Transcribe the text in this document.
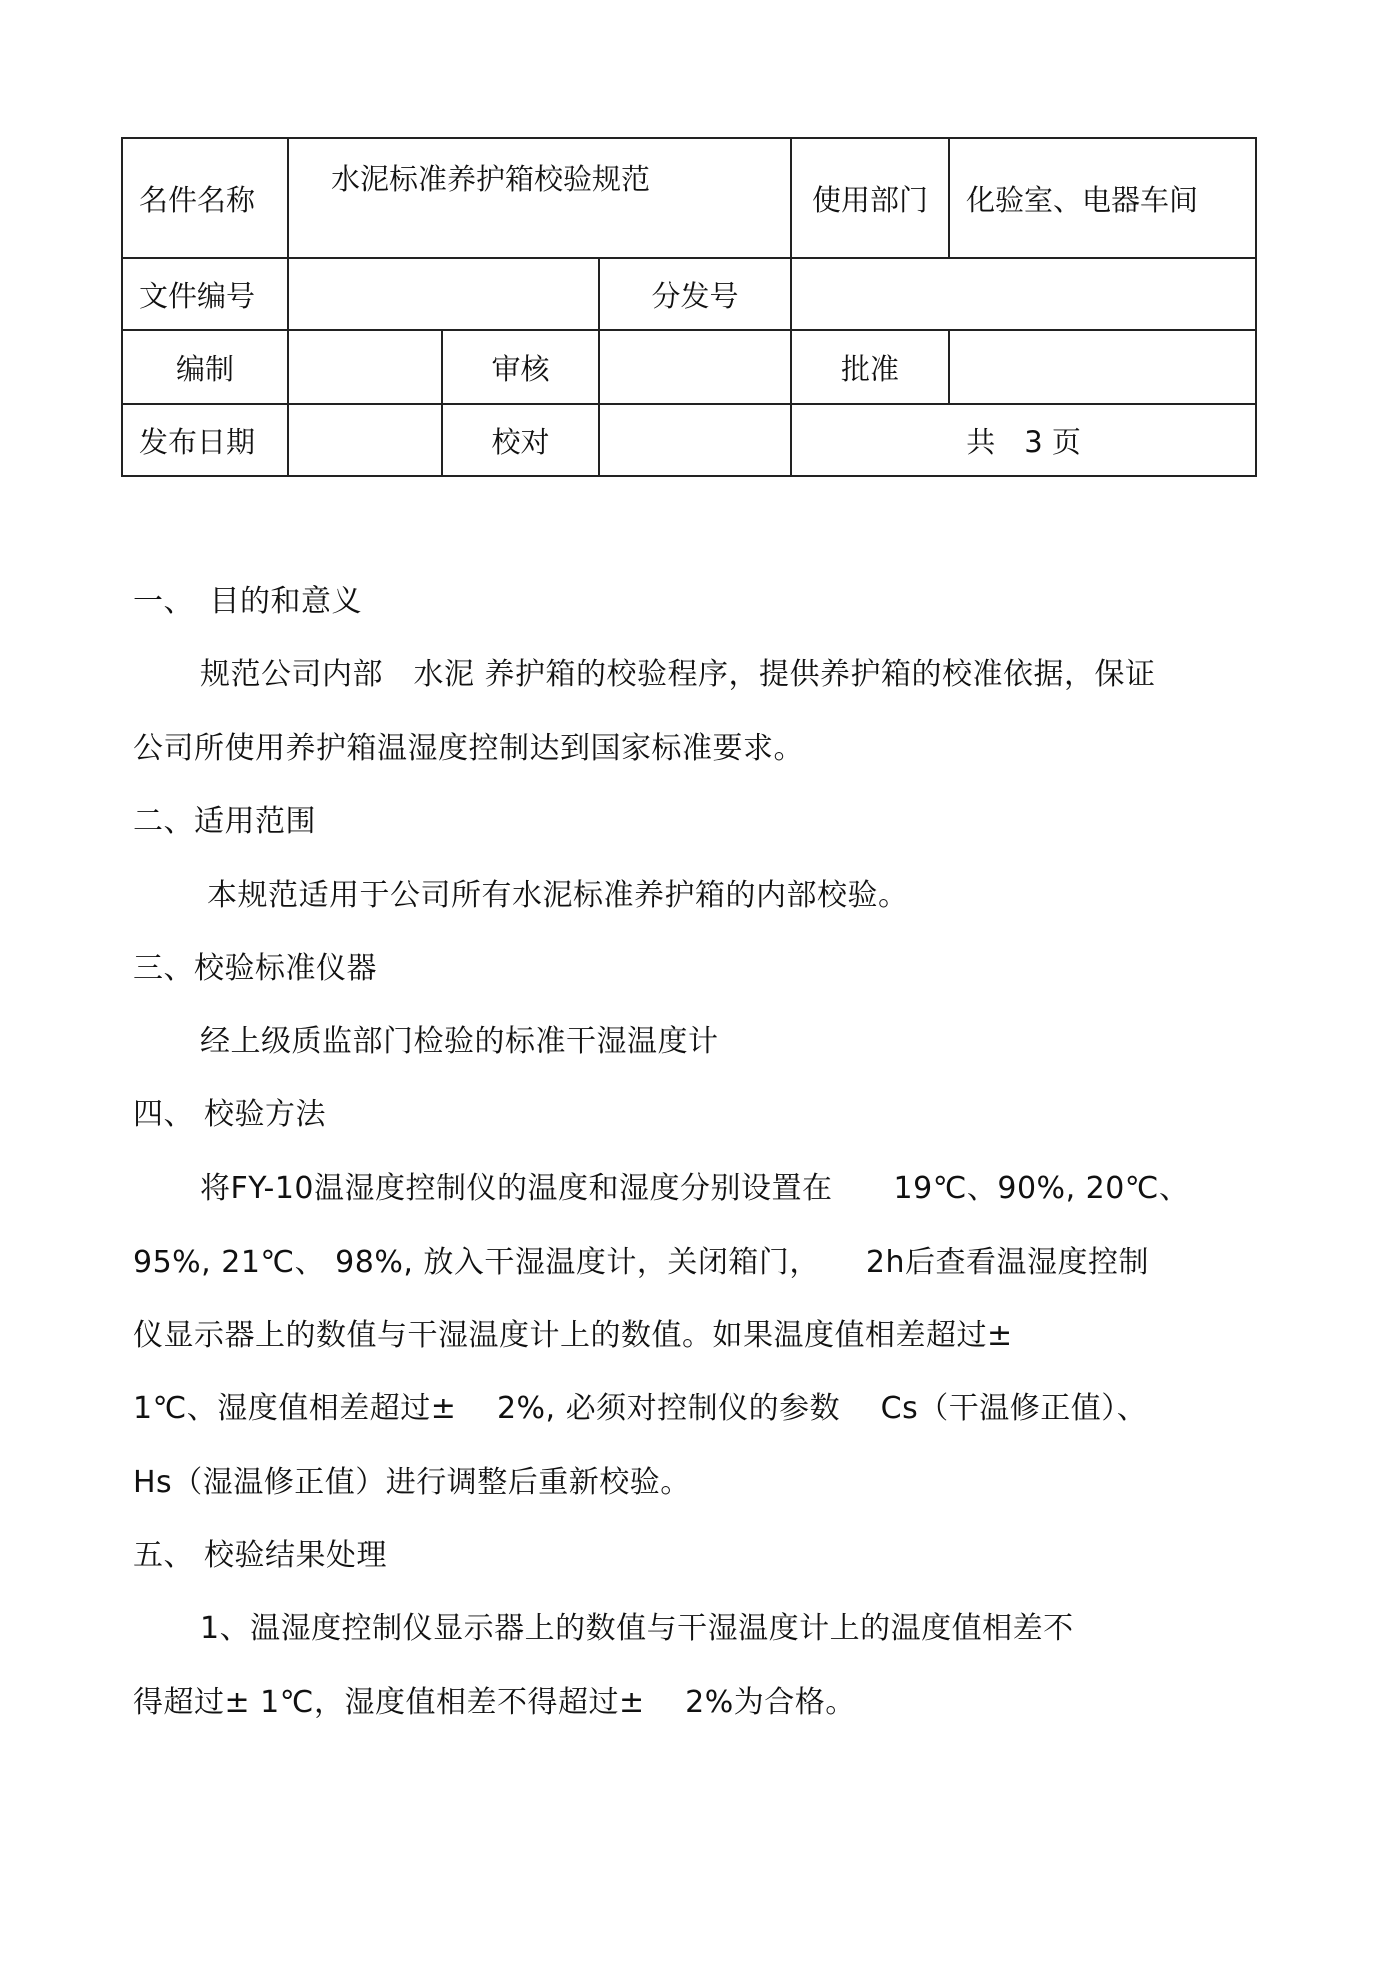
名件名称	水泥标准养护箱校验规范			使用部门	化验室、电器车间
文件编号			分发号		
编制		审核		批准	
发布日期		校对		共　3 页	
一、　目的和意义
规范公司内部　水泥 养护箱的校验程序，提供养护箱的校准依据，保证
公司所使用养护箱温湿度控制达到国家标准要求。
二、适用范围
本规范适用于公司所有水泥标准养护箱的内部校验。
三、校验标准仪器
经上级质监部门检验的标准干湿温度计
四、 校验方法
将FY-10温湿度控制仪的温度和湿度分别设置在　　19℃、90%, 20℃、
95%, 21℃、 98%, 放入干湿温度计，关闭箱门，　　2h后查看温湿度控制
仪显示器上的数值与干湿温度计上的数值。如果温度值相差超过±
1℃、湿度值相差超过±　 2%, 必须对控制仪的参数　 Cs（干温修正值）、
Hs（湿温修正值）进行调整后重新校验。
五、 校验结果处理
1、温湿度控制仪显示器上的数值与干湿温度计上的温度值相差不
得超过± 1℃，湿度值相差不得超过±　 2%为合格。
